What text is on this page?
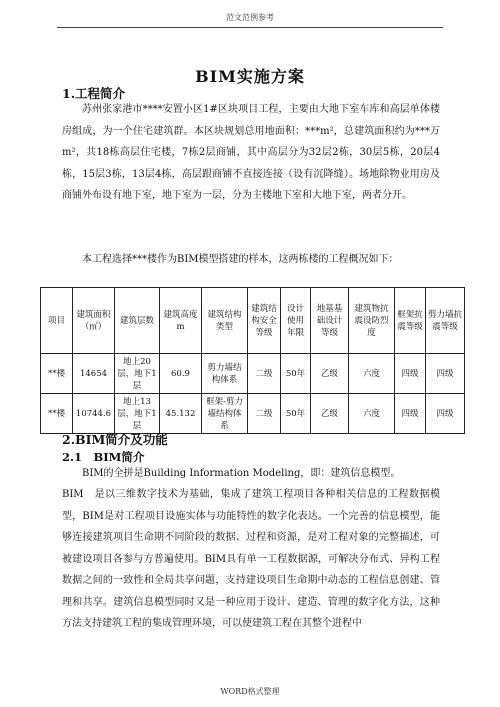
范文范例参考
BIM实施方案
1.工程简介

苏州张家港市****安置小区1#区块项目工程，主要由大地下室车库和高层单体楼房组成，为一个住宅建筑群。本区块规划总用地面积：***m²，总建筑面积约为***万m²，共18栋高层住宅楼，7栋2层商铺，其中高层分为32层2栋，30层5栋，20层4栋，15层3栋，13层4栋，高层跟商铺不直接连接（设有沉降缝）。场地除物业用房及商铺外布设有地下室，地下室为一层，分为主楼地下室和大地下室，两者分开。

本工程选择***楼作为BIM模型搭建的样本，这两栋楼的工程概况如下：
项目	建筑面积（㎡）	建筑层数	建筑高度m	建筑结构类型	建筑结构安全等级	设计使用年限	地基基础设计等级	建筑物抗震设防烈度	框架抗震等级	剪力墙抗震等级
**楼	14654	地上20层，地下1层	60.9	剪力墙结构体系	二级	50年	乙级	六度	四级	四级
**楼	10744.6	地上13层，地下1层	45.132	框架-剪力墙结构体系	二级	50年	乙级	六度	四级	四级
2.BIM简介及功能
2.1　BIM简介

BIM的全拼是Building Information Modeling，即：建筑信息模型。

BIM　是以三维数字技术为基础，集成了建筑工程项目各种相关信息的工程数据模型，BIM是对工程项目设施实体与功能特性的数字化表达。一个完善的信息模型，能够连接建筑项目生命期不同阶段的数据、过程和资源，是对工程对象的完整描述，可被建设项目各参与方普遍使用。BIM具有单一工程数据源，可解决分布式、异构工程数据之间的一致性和全局共享问题，支持建设项目生命期中动态的工程信息创建、管理和共享。建筑信息模型同时又是一种应用于设计、建造、管理的数字化方法，这种方法支持建筑工程的集成管理环境，可以使建筑工程在其整个进程中

WORD格式整理
